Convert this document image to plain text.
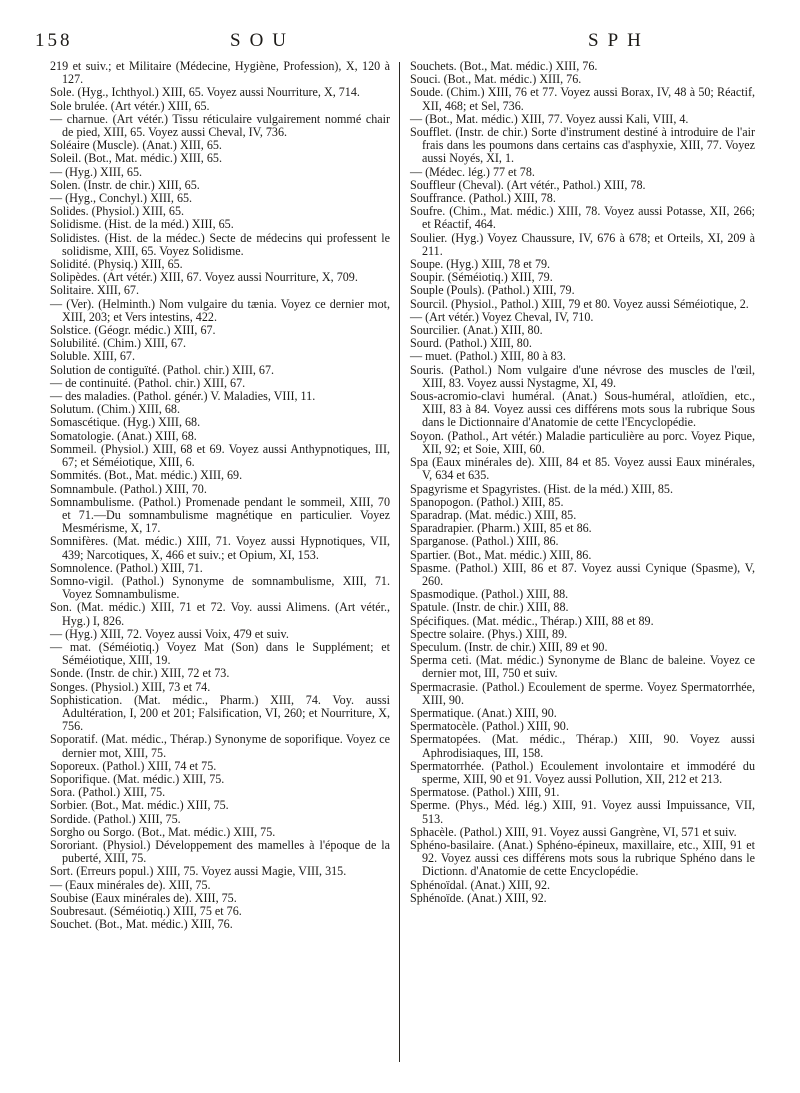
158	SOU	SPH

219 et suiv.; et Militaire (Médecine, Hygiène, Profession), X, 120 à 127.

Sole. (Hyg., Ichthyol.) XIII, 65. Voyez aussi Nourriture, X, 714.

Sole brulée. (Art vétér.) XIII, 65.

— charnue. (Art vétér.) Tissu réticulaire vulgairement nommé chair de pied, XIII, 65. Voyez aussi Cheval, IV, 736.

Soléaire (Muscle). (Anat.) XIII, 65.

Soleil. (Bot., Mat. médic.) XIII, 65.

— (Hyg.) XIII, 65.

Solen. (Instr. de chir.) XIII, 65.

— (Hyg., Conchyl.) XIII, 65.

Solides. (Physiol.) XIII, 65.

Solidisme. (Hist. de la méd.) XIII, 65.

Solidistes. (Hist. de la médec.) Secte de médecins qui professent le solidisme, XIII, 65. Voyez Solidisme.

Solidité. (Physiq.) XIII, 65.

Solipèdes. (Art vétér.) XIII, 67. Voyez aussi Nourriture, X, 709.

Solitaire. XIII, 67.

— (Ver). (Helminth.) Nom vulgaire du tænia. Voyez ce dernier mot, XIII, 203; et Vers intestins, 422.

Solstice. (Géogr. médic.) XIII, 67.

Solubilité. (Chim.) XIII, 67.

Soluble. XIII, 67.

Solution de contiguïté. (Pathol. chir.) XIII, 67.

— de continuité. (Pathol. chir.) XIII, 67.

— des maladies. (Pathol. génér.) V. Maladies, VIII, 11.

Solutum. (Chim.) XIII, 68.

Somascétique. (Hyg.) XIII, 68.

Somatologie. (Anat.) XIII, 68.

Sommeil. (Physiol.) XIII, 68 et 69. Voyez aussi Anthypnotiques, III, 67; et Séméiotique, XIII, 6.

Sommités. (Bot., Mat. médic.) XIII, 69.

Somnambule. (Pathol.) XIII, 70.

Somnambulisme. (Pathol.) Promenade pendant le sommeil, XIII, 70 et 71.—Du somnambulisme magnétique en particulier. Voyez Mesmérisme, X, 17.

Somnifères. (Mat. médic.) XIII, 71. Voyez aussi Hypnotiques, VII, 439; Narcotiques, X, 466 et suiv.; et Opium, XI, 153.

Somnolence. (Pathol.) XIII, 71.

Somno-vigil. (Pathol.) Synonyme de somnambulisme, XIII, 71. Voyez Somnambulisme.

Son. (Mat. médic.) XIII, 71 et 72. Voy. aussi Alimens. (Art vétér., Hyg.) I, 826.

— (Hyg.) XIII, 72. Voyez aussi Voix, 479 et suiv.

— mat. (Séméiotiq.) Voyez Mat (Son) dans le Supplément; et Séméiotique, XIII, 19.

Sonde. (Instr. de chir.) XIII, 72 et 73.

Songes. (Physiol.) XIII, 73 et 74.

Sophistication. (Mat. médic., Pharm.) XIII, 74. Voy. aussi Adultération, I, 200 et 201; Falsification, VI, 260; et Nourriture, X, 756.

Soporatif. (Mat. médic., Thérap.) Synonyme de soporifique. Voyez ce dernier mot, XIII, 75.

Soporeux. (Pathol.) XIII, 74 et 75.

Soporifique. (Mat. médic.) XIII, 75.

Sora. (Pathol.) XIII, 75.

Sorbier. (Bot., Mat. médic.) XIII, 75.

Sordide. (Pathol.) XIII, 75.

Sorgho ou Sorgo. (Bot., Mat. médic.) XIII, 75.

Sororiant. (Physiol.) Développement des mamelles à l'époque de la puberté, XIII, 75.

Sort. (Erreurs popul.) XIII, 75. Voyez aussi Magie, VIII, 315.

— (Eaux minérales de). XIII, 75.

Soubise (Eaux minérales de). XIII, 75.

Soubresaut. (Séméiotiq.) XIII, 75 et 76.

Souchet. (Bot., Mat. médic.) XIII, 76.

Souchets. (Bot., Mat. médic.) XIII, 76.

Souci. (Bot., Mat. médic.) XIII, 76.

Soude. (Chim.) XIII, 76 et 77. Voyez aussi Borax, IV, 48 à 50; Réactif, XII, 468; et Sel, 736.

— (Bot., Mat. médic.) XIII, 77. Voyez aussi Kali, VIII, 4.

Soufflet. (Instr. de chir.) Sorte d'instrument destiné à introduire de l'air frais dans les poumons dans certains cas d'asphyxie, XIII, 77. Voyez aussi Noyés, XI, 1.

— (Médec. lég.) 77 et 78.

Souffleur (Cheval). (Art vétér., Pathol.) XIII, 78.

Souffrance. (Pathol.) XIII, 78.

Soufre. (Chim., Mat. médic.) XIII, 78. Voyez aussi Potasse, XII, 266; et Réactif, 464.

Soulier. (Hyg.) Voyez Chaussure, IV, 676 à 678; et Orteils, XI, 209 à 211.

Soupe. (Hyg.) XIII, 78 et 79.

Soupir. (Séméiotiq.) XIII, 79.

Souple (Pouls). (Pathol.) XIII, 79.

Sourcil. (Physiol., Pathol.) XIII, 79 et 80. Voyez aussi Séméiotique, 2.

— (Art vétér.) Voyez Cheval, IV, 710.

Sourcilier. (Anat.) XIII, 80.

Sourd. (Pathol.) XIII, 80.

— muet. (Pathol.) XIII, 80 à 83.

Souris. (Pathol.) Nom vulgaire d'une névrose des muscles de l'œil, XIII, 83. Voyez aussi Nystagme, XI, 49.

Sous-acromio-clavi huméral. (Anat.) Sous-huméral, atloïdien, etc., XIII, 83 à 84. Voyez aussi ces différens mots sous la rubrique Sous dans le Dictionnaire d'Anatomie de cette l'Encyclopédie.

Soyon. (Pathol., Art vétér.) Maladie particulière au porc. Voyez Pique, XII, 92; et Soie, XIII, 60.

Spa (Eaux minérales de). XIII, 84 et 85. Voyez aussi Eaux minérales, V, 634 et 635.

Spagyrisme et Spagyristes. (Hist. de la méd.) XIII, 85.

Spanopogon. (Pathol.) XIII, 85.

Sparadrap. (Mat. médic.) XIII, 85.

Sparadrapier. (Pharm.) XIII, 85 et 86.

Sparganose. (Pathol.) XIII, 86.

Spartier. (Bot., Mat. médic.) XIII, 86.

Spasme. (Pathol.) XIII, 86 et 87. Voyez aussi Cynique (Spasme), V, 260.

Spasmodique. (Pathol.) XIII, 88.

Spatule. (Instr. de chir.) XIII, 88.

Spécifiques. (Mat. médic., Thérap.) XIII, 88 et 89.

Spectre solaire. (Phys.) XIII, 89.

Speculum. (Instr. de chir.) XIII, 89 et 90.

Sperma ceti. (Mat. médic.) Synonyme de Blanc de baleine. Voyez ce dernier mot, III, 750 et suiv.

Spermacrasie. (Pathol.) Ecoulement de sperme. Voyez Spermatorrhée, XIII, 90.

Spermatique. (Anat.) XIII, 90.

Spermatocèle. (Pathol.) XIII, 90.

Spermatopées. (Mat. médic., Thérap.) XIII, 90. Voyez aussi Aphrodisiaques, III, 158.

Spermatorrhée. (Pathol.) Ecoulement involontaire et immodéré du sperme, XIII, 90 et 91. Voyez aussi Pollution, XII, 212 et 213.

Spermatose. (Pathol.) XIII, 91.

Sperme. (Phys., Méd. lég.) XIII, 91. Voyez aussi Impuissance, VII, 513.

Sphacèle. (Pathol.) XIII, 91. Voyez aussi Gangrène, VI, 571 et suiv.

Sphéno-basilaire. (Anat.) Sphéno-épineux, maxillaire, etc., XIII, 91 et 92. Voyez aussi ces différens mots sous la rubrique Sphéno dans le Dictionn. d'Anatomie de cette Encyclopédie.

Sphénoïdal. (Anat.) XIII, 92.

Sphénoïde. (Anat.) XIII, 92.
